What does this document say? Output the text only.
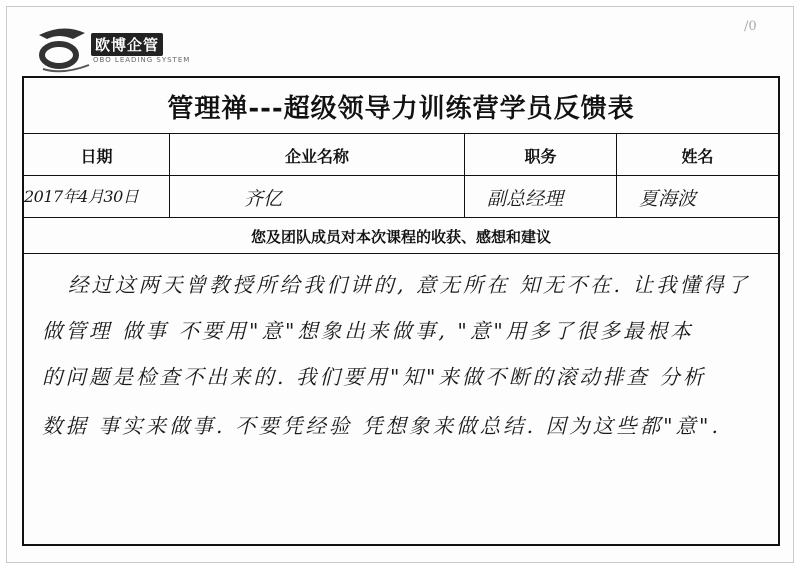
欧博企管
OBO LEADING SYSTEM
/0
管理禅---超级领导力训练营学员反馈表
日期	企业名称	职务	姓名
2017年4月30日	齐亿	副总经理	夏海波
您及团队成员对本次课程的收获、感想和建议
经过这两天曾教授所给我们讲的, 意无所在 知无不在. 让我懂得了
做管理 做事 不要用"意"想象出来做事, "意"用多了很多最根本
的问题是检查不出来的. 我们要用"知"来做不断的滚动排查 分析
数据 事实来做事. 不要凭经验 凭想象来做总结. 因为这些都"意".
